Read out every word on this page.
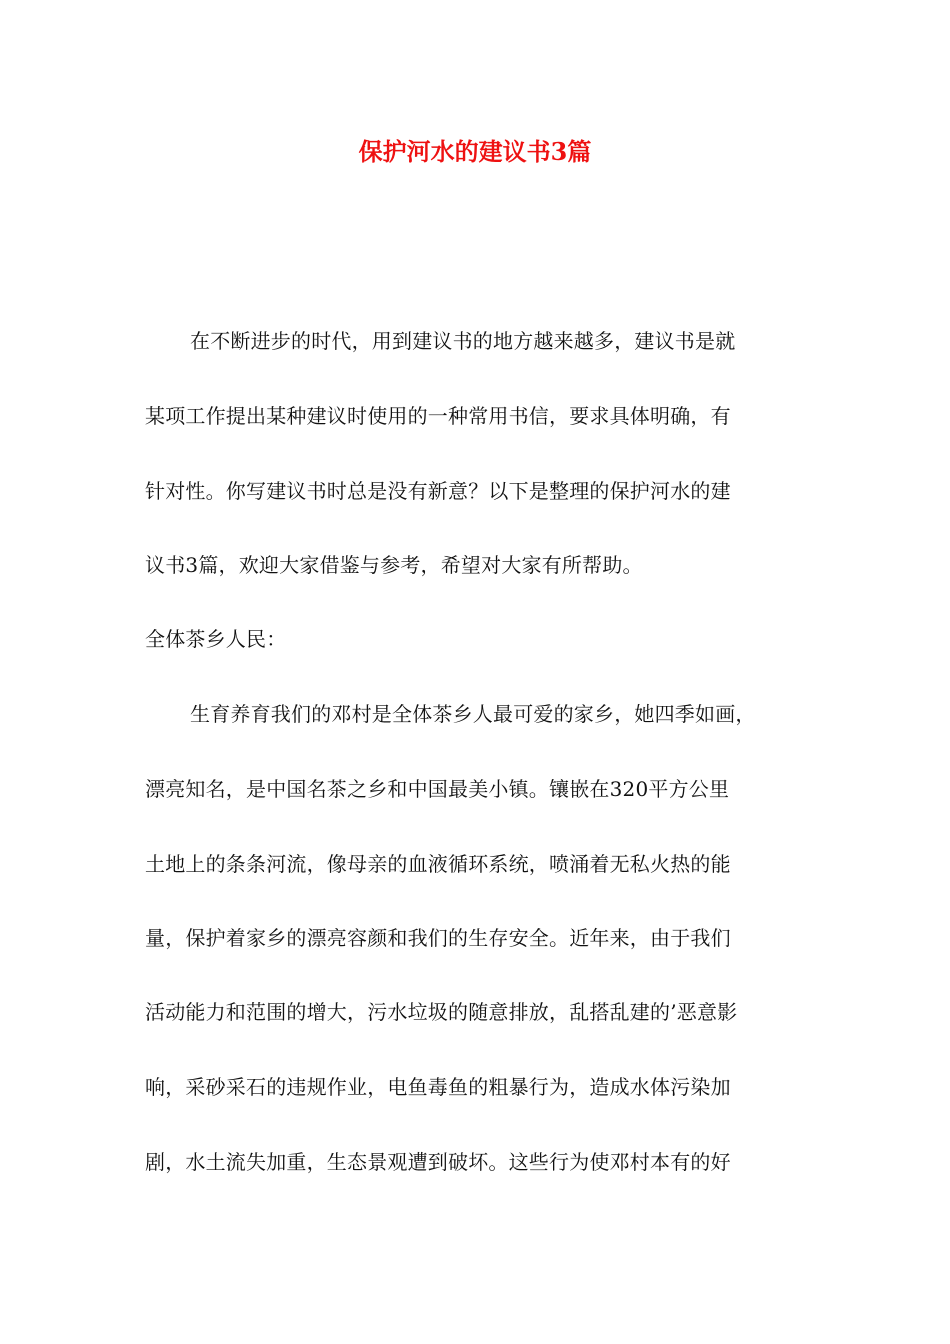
保护河水的建议书3篇
在不断进步的时代，用到建议书的地方越来越多，建议书是就
某项工作提出某种建议时使用的一种常用书信，要求具体明确，有
针对性。你写建议书时总是没有新意？以下是整理的保护河水的建
议书3篇，欢迎大家借鉴与参考，希望对大家有所帮助。
全体茶乡人民：
生育养育我们的邓村是全体茶乡人最可爱的家乡，她四季如画，
漂亮知名，是中国名茶之乡和中国最美小镇。镶嵌在320平方公里
土地上的条条河流，像母亲的血液循环系统，喷涌着无私火热的能
量，保护着家乡的漂亮容颜和我们的生存安全。近年来，由于我们
活动能力和范围的增大，污水垃圾的随意排放，乱搭乱建的’恶意影
响，采砂采石的违规作业，电鱼毒鱼的粗暴行为，造成水体污染加
剧，水土流失加重，生态景观遭到破坏。这些行为使邓村本有的好
